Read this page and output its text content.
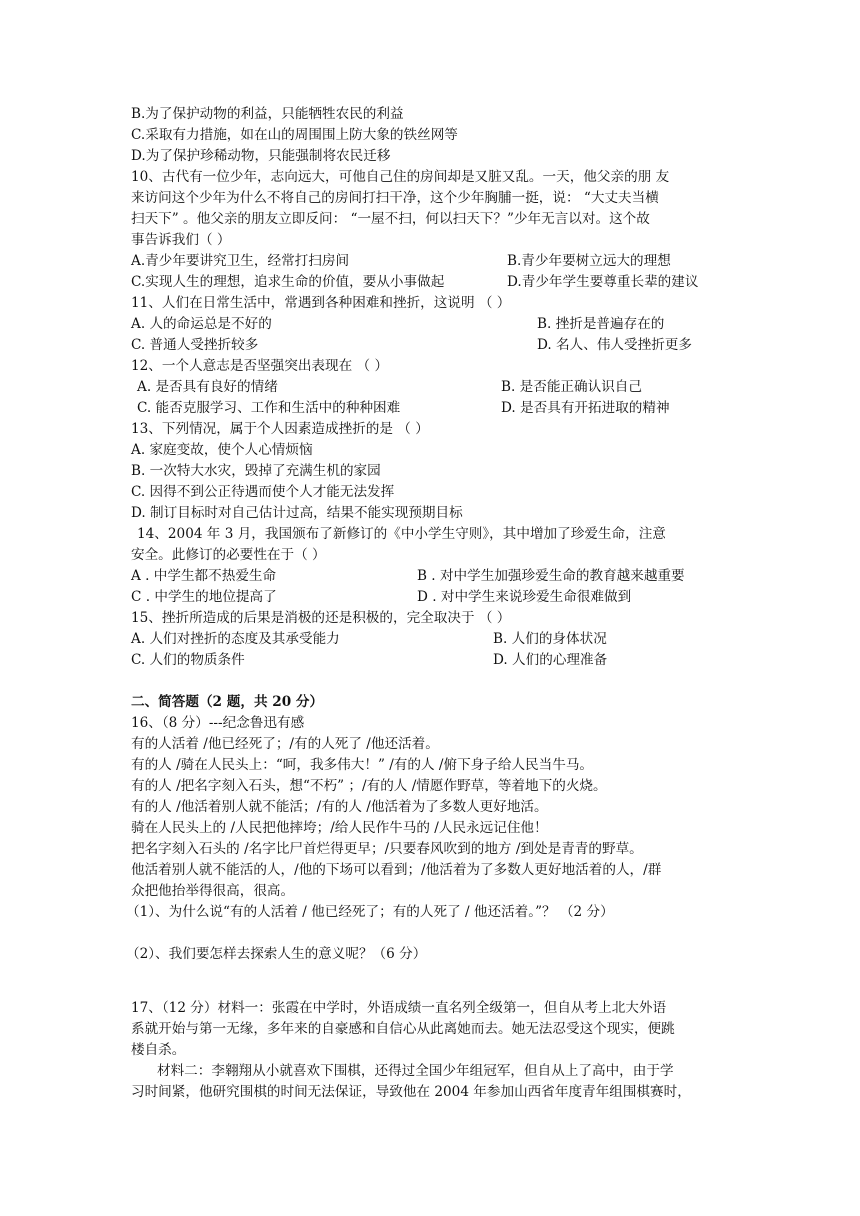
B.为了保护动物的利益，只能牺牲农民的利益
C.采取有力措施，如在山的周围围上防大象的铁丝网等
D.为了保护珍稀动物，只能强制将农民迁移
10、古代有一位少年，志向远大，可他自己住的房间却是又脏又乱。一天，他父亲的朋 友
来访问这个少年为什么不将自己的房间打扫干净，这个少年胸脯一挺，说： “大丈夫当横
扫天下” 。他父亲的朋友立即反问： “一屋不扫，何以扫天下？”少年无言以对。这个故
事告诉我们（ ）
A.青少年要讲究卫生，经常打扫房间	B.青少年要树立远大的理想
C.实现人生的理想，追求生命的价值，要从小事做起	D.青少年学生要尊重长辈的建议
11、人们在日常生活中，常遇到各种困难和挫折，这说明 （ ）
A. 人的命运总是不好的	B. 挫折是普遍存在的
C. 普通人受挫折较多	D. 名人、伟人受挫折更多
12、一个人意志是否坚强突出表现在 （ ）
A. 是否具有良好的情绪	B. 是否能正确认识自己
C. 能否克服学习、工作和生活中的种种困难	D. 是否具有开拓进取的精神
13、下列情况，属于个人因素造成挫折的是 （ ）
A. 家庭变故，使个人心情烦恼
B. 一次特大水灾，毁掉了充满生机的家园
C. 因得不到公正待遇而使个人才能无法发挥
D. 制订目标时对自己估计过高，结果不能实现预期目标
14、2004 年 3 月，我国颁布了新修订的《中小学生守则》，其中增加了珍爱生命，注意
安全。此修订的必要性在于（ ）
A . 中学生都不热爱生命	B . 对中学生加强珍爱生命的教育越来越重要
C . 中学生的地位提高了	D . 对中学生来说珍爱生命很难做到
15、挫折所造成的后果是消极的还是积极的，完全取决于 （ ）
A. 人们对挫折的态度及其承受能力	B. 人们的身体状况
C. 人们的物质条件	D. 人们的心理准备
二、简答题（2 题，共 20 分）
16、（8 分）---纪念鲁迅有感
有的人活着 /他已经死了；/有的人死了 /他还活着。
有的人 /骑在人民头上：“呵，我多伟大！” /有的人 /俯下身子给人民当牛马。
有的人 /把名字刻入石头，想“不朽” ；/有的人 /情愿作野草，等着地下的火烧。
有的人 /他活着别人就不能活；/有的人 /他活着为了多数人更好地活。
骑在人民头上的 /人民把他摔垮；/给人民作牛马的 /人民永远记住他！
把名字刻入石头的 /名字比尸首烂得更早；/只要春风吹到的地方 /到处是青青的野草。
他活着别人就不能活的人，/他的下场可以看到；/他活着为了多数人更好地活着的人，/群
众把他抬举得很高，很高。
（1）、为什么说“有的人活着 / 他已经死了；有的人死了 / 他还活着。”？ （2 分）
（2）、我们要怎样去探索人生的意义呢？（6 分）
17、（12 分）材料一：张霞在中学时，外语成绩一直名列全级第一，但自从考上北大外语
系就开始与第一无缘，多年来的自豪感和自信心从此离她而去。她无法忍受这个现实，便跳
楼自杀。
材料二：李翱翔从小就喜欢下围棋，还得过全国少年组冠军，但自从上了高中，由于学
习时间紧，他研究围棋的时间无法保证，导致他在 2004 年参加山西省年度青年组围棋赛时，
